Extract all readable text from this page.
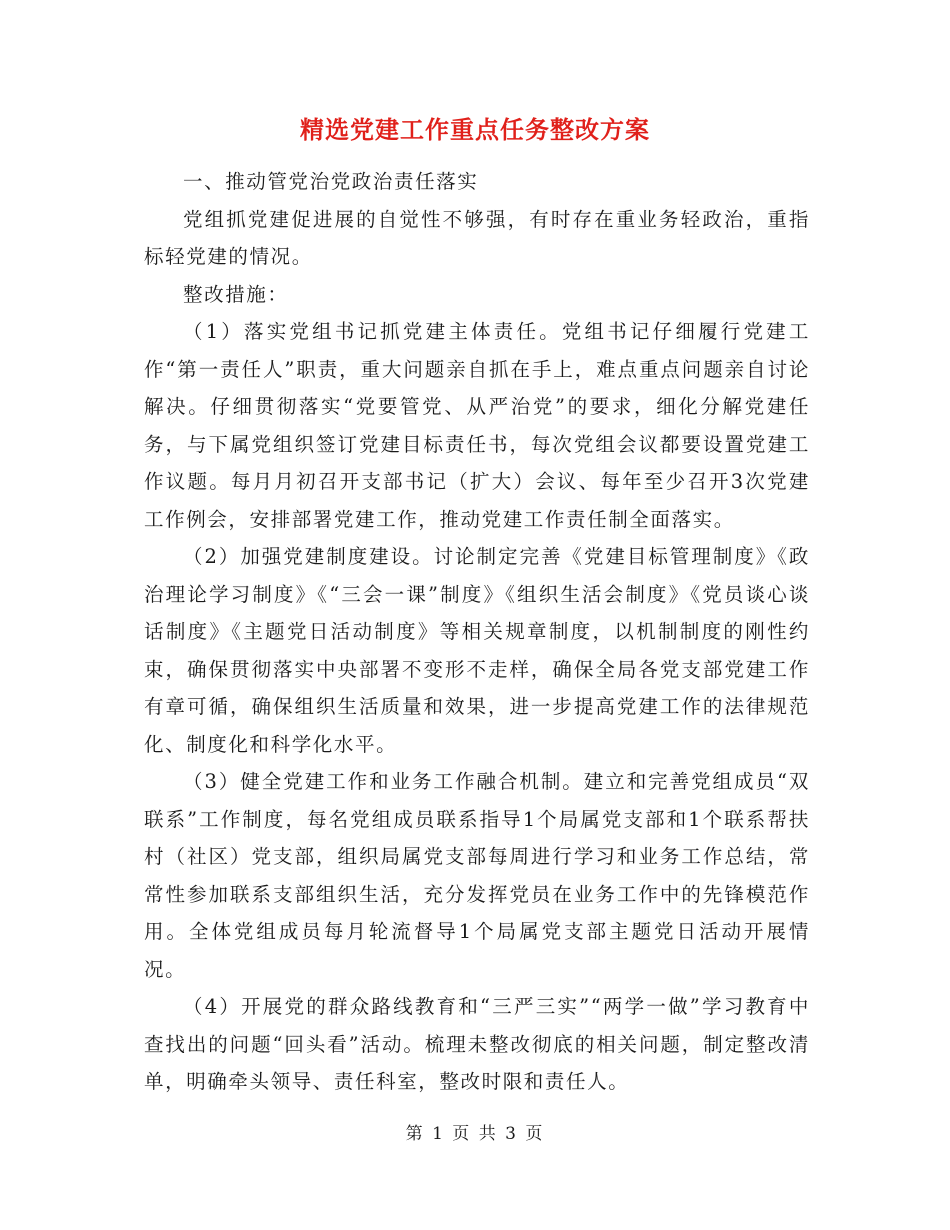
精选党建工作重点任务整改方案

一、推动管党治党政治责任落实

党组抓党建促进展的自觉性不够强，有时存在重业务轻政治，重指标轻党建的情况。

整改措施：

（1）落实党组书记抓党建主体责任。党组书记仔细履行党建工作“第一责任人”职责，重大问题亲自抓在手上，难点重点问题亲自讨论解决。仔细贯彻落实“党要管党、从严治党”的要求，细化分解党建任务，与下属党组织签订党建目标责任书，每次党组会议都要设置党建工作议题。每月月初召开支部书记（扩大）会议、每年至少召开3次党建工作例会，安排部署党建工作，推动党建工作责任制全面落实。

（2）加强党建制度建设。讨论制定完善《党建目标管理制度》《政治理论学习制度》《“三会一课”制度》《组织生活会制度》《党员谈心谈话制度》《主题党日活动制度》等相关规章制度，以机制制度的刚性约束，确保贯彻落实中央部署不变形不走样，确保全局各党支部党建工作有章可循，确保组织生活质量和效果，进一步提高党建工作的法律规范化、制度化和科学化水平。

（3）健全党建工作和业务工作融合机制。建立和完善党组成员“双联系”工作制度，每名党组成员联系指导1个局属党支部和1个联系帮扶村（社区）党支部，组织局属党支部每周进行学习和业务工作总结，常常性参加联系支部组织生活，充分发挥党员在业务工作中的先锋模范作用。全体党组成员每月轮流督导1个局属党支部主题党日活动开展情况。

（4）开展党的群众路线教育和“三严三实”“两学一做”学习教育中查找出的问题“回头看”活动。梳理未整改彻底的相关问题，制定整改清单，明确牵头领导、责任科室，整改时限和责任人。

第 1 页 共 3 页
